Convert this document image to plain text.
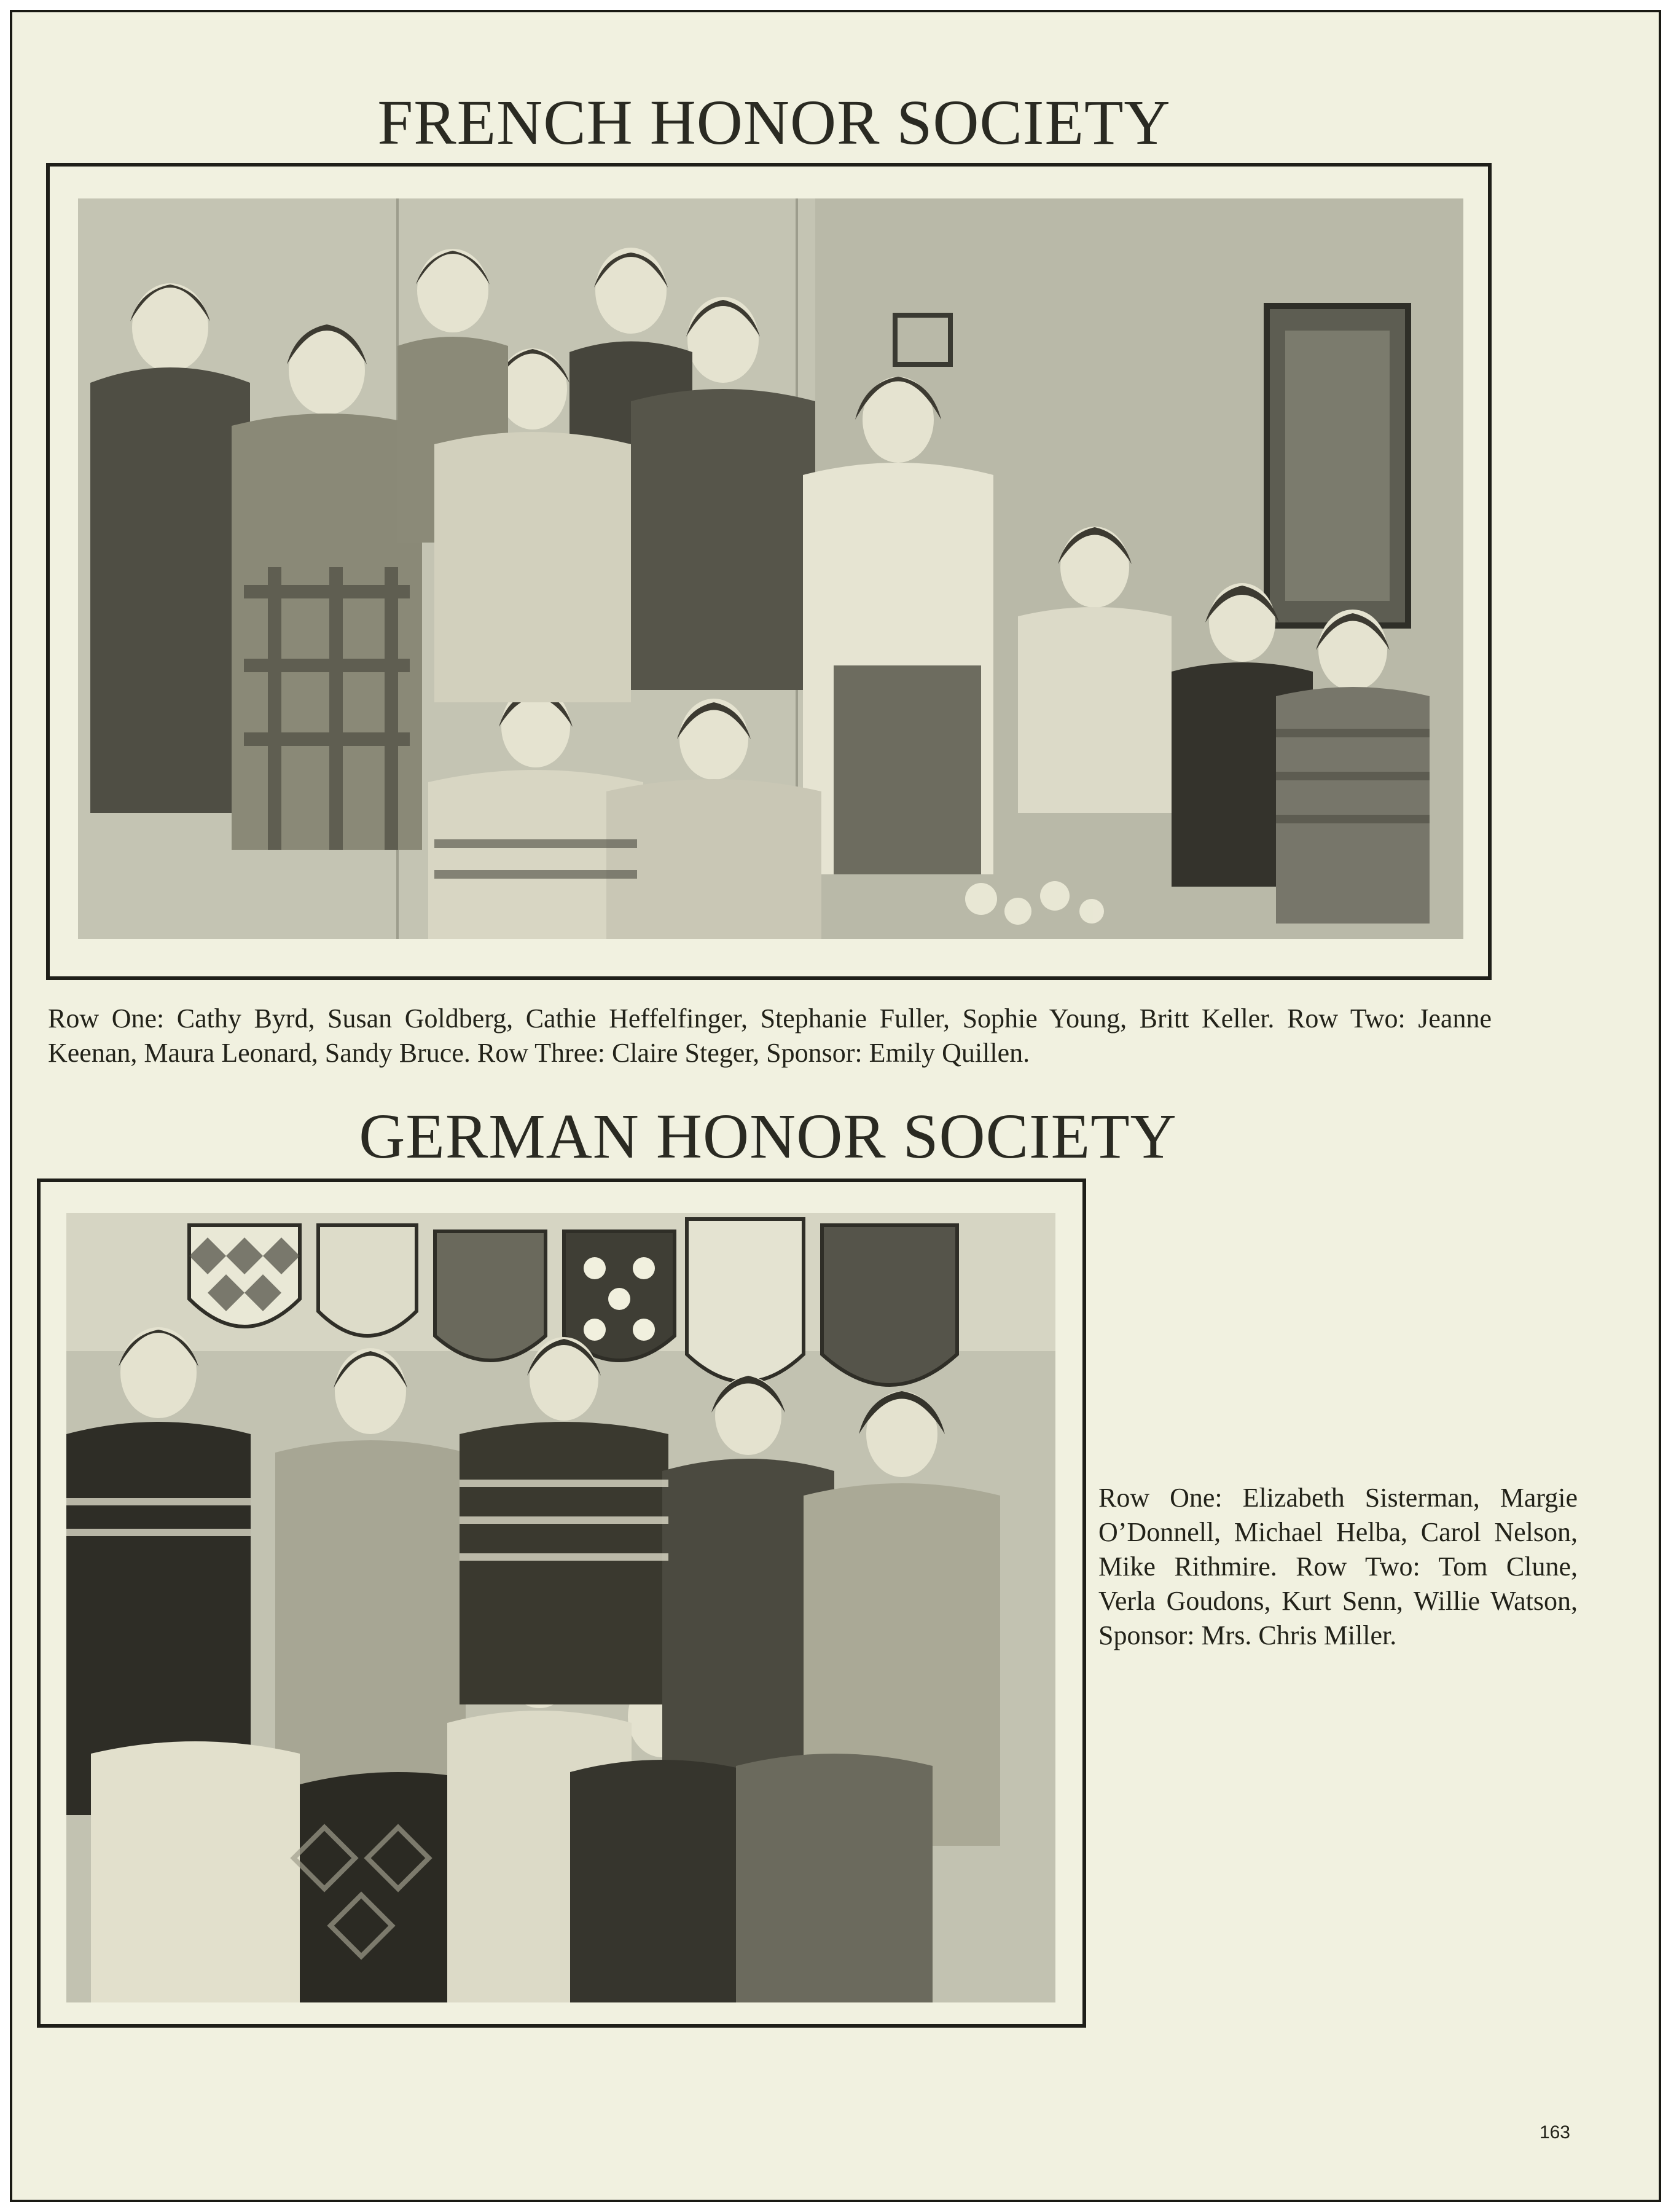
FRENCH HONOR SOCIETY

Row One: Cathy Byrd, Susan Goldberg, Cathie Heffelfinger, Stephanie Fuller, Sophie Young, Britt Keller. Row Two: Jeanne Keenan, Maura Leonard, Sandy Bruce. Row Three: Claire Steger, Sponsor: Emily Quillen.

GERMAN HONOR SOCIETY

Row One: Elizabeth Sisterman, Margie O’Donnell, Michael Helba, Carol Nelson, Mike Rithmire. Row Two: Tom Clune, Verla Goudons, Kurt Senn, Willie Watson, Sponsor: Mrs. Chris Miller.

163
